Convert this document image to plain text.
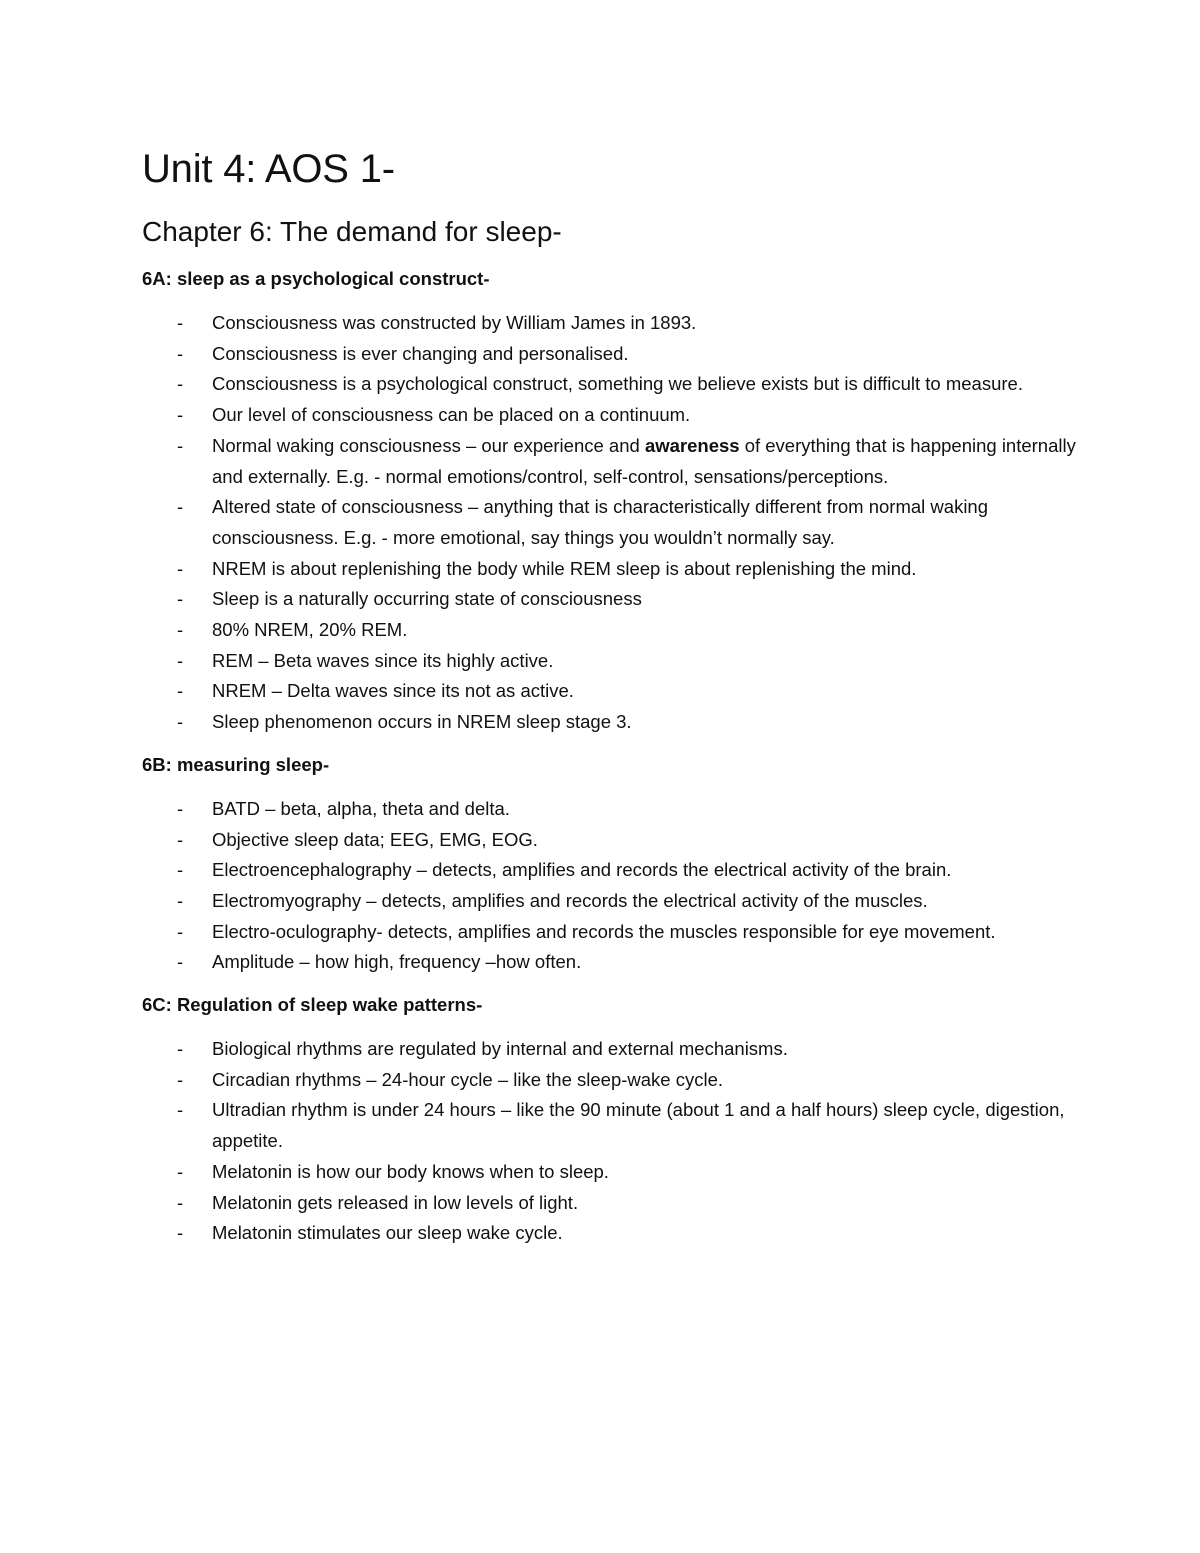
Unit 4: AOS 1-
Chapter 6: The demand for sleep-
6A: sleep as a psychological construct-
- Consciousness was constructed by William James in 1893.
- Consciousness is ever changing and personalised.
- Consciousness is a psychological construct, something we believe exists but is difficult to measure.
- Our level of consciousness can be placed on a continuum.
- Normal waking consciousness – our experience and awareness of everything that is happening internally and externally. E.g. - normal emotions/control, self-control, sensations/perceptions.
- Altered state of consciousness – anything that is characteristically different from normal waking consciousness. E.g. - more emotional, say things you wouldn’t normally say.
- NREM is about replenishing the body while REM sleep is about replenishing the mind.
- Sleep is a naturally occurring state of consciousness
- 80% NREM, 20% REM.
- REM – Beta waves since its highly active.
- NREM – Delta waves since its not as active.
- Sleep phenomenon occurs in NREM sleep stage 3.
6B: measuring sleep-
- BATD – beta, alpha, theta and delta.
- Objective sleep data; EEG, EMG, EOG.
- Electroencephalography – detects, amplifies and records the electrical activity of the brain.
- Electromyography – detects, amplifies and records the electrical activity of the muscles.
- Electro-oculography- detects, amplifies and records the muscles responsible for eye movement.
- Amplitude – how high, frequency –how often.
6C: Regulation of sleep wake patterns-
- Biological rhythms are regulated by internal and external mechanisms.
- Circadian rhythms – 24-hour cycle – like the sleep-wake cycle.
- Ultradian rhythm is under 24 hours – like the 90 minute (about 1 and a half hours) sleep cycle, digestion, appetite.
- Melatonin is how our body knows when to sleep.
- Melatonin gets released in low levels of light.
- Melatonin stimulates our sleep wake cycle.
